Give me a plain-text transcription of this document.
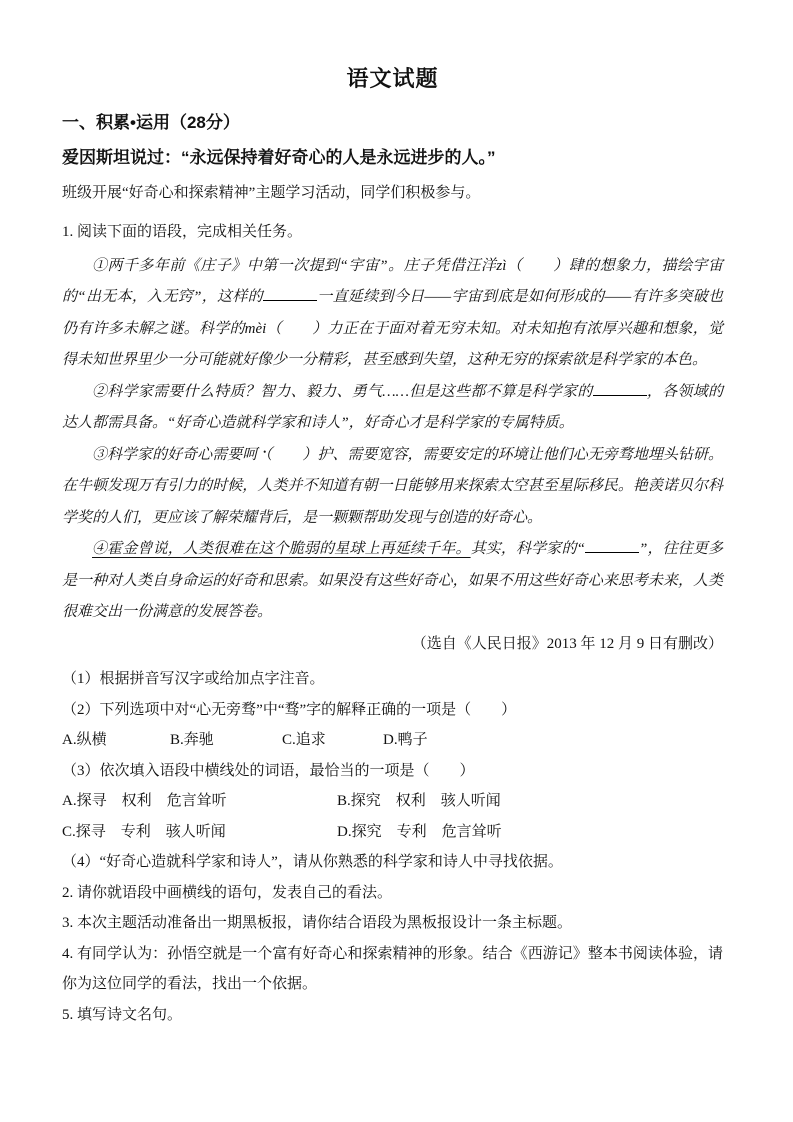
语文试题
一、积累•运用（28分）
爱因斯坦说过：“永远保持着好奇心的人是永远进步的人。”
班级开展“好奇心和探索精神”主题学习活动，同学们积极参与。

1. 阅读下面的语段，完成相关任务。

①两千多年前《庄子》中第一次提到“宇宙”。庄子凭借汪洋zì（　　）肆的想象力，描绘宇宙的“出无本，入无窍”，这样的	一直延续到今日——宇宙到底是如何形成的——有许多突破也仍有许多未解之谜。科学的mèi（　　）力正在于面对着无穷未知。对未知抱有浓厚兴趣和想象，觉得未知世界里少一分可能就好像少一分精彩，甚至感到失望，这种无穷的探索欲是科学家的本色。

②科学家需要什么特质？智力、毅力、勇气……但是这些都不算是科学家的	，各领域的达人都需具备。“好奇心造就科学家和诗人”，好奇心才是科学家的专属特质。

③科学家的好奇心需要呵 •（　　）护、需要宽容，需要安定的环境让他们心无旁骛地埋头钻研。在牛顿发现万有引力的时候，人类并不知道有朝一日能够用来探索太空甚至星际移民。艳羡诺贝尔科学奖的人们，更应该了解荣耀背后，是一颗颗帮助发现与创造的好奇心。

④霍金曾说，人类很难在这个脆弱的星球上再延续千年。其实，科学家的“	”，往往更多是一种对人类自身命运的好奇和思索。如果没有这些好奇心，如果不用这些好奇心来思考未来，人类很难交出一份满意的发展答卷。

（选自《人民日报》2013 年 12 月 9 日有删改）

（1）根据拼音写汉字或给加点字注音。

（2）下列选项中对“心无旁骛”中“骛”字的解释正确的一项是（　　）

A.纵横	B.奔驰	C.追求	D.鸭子

（3）依次填入语段中横线处的词语，最恰当的一项是（　　）

A.探寻　权利　危言耸听	B.探究　权利　骇人听闻
C.探寻　专利　骇人听闻	D.探究　专利　危言耸听

（4）“好奇心造就科学家和诗人”，请从你熟悉的科学家和诗人中寻找依据。

2. 请你就语段中画横线的语句，发表自己的看法。

3. 本次主题活动准备出一期黑板报，请你结合语段为黑板报设计一条主标题。

4. 有同学认为：孙悟空就是一个富有好奇心和探索精神的形象。结合《西游记》整本书阅读体验，请你为这位同学的看法，找出一个依据。

5. 填写诗文名句。
